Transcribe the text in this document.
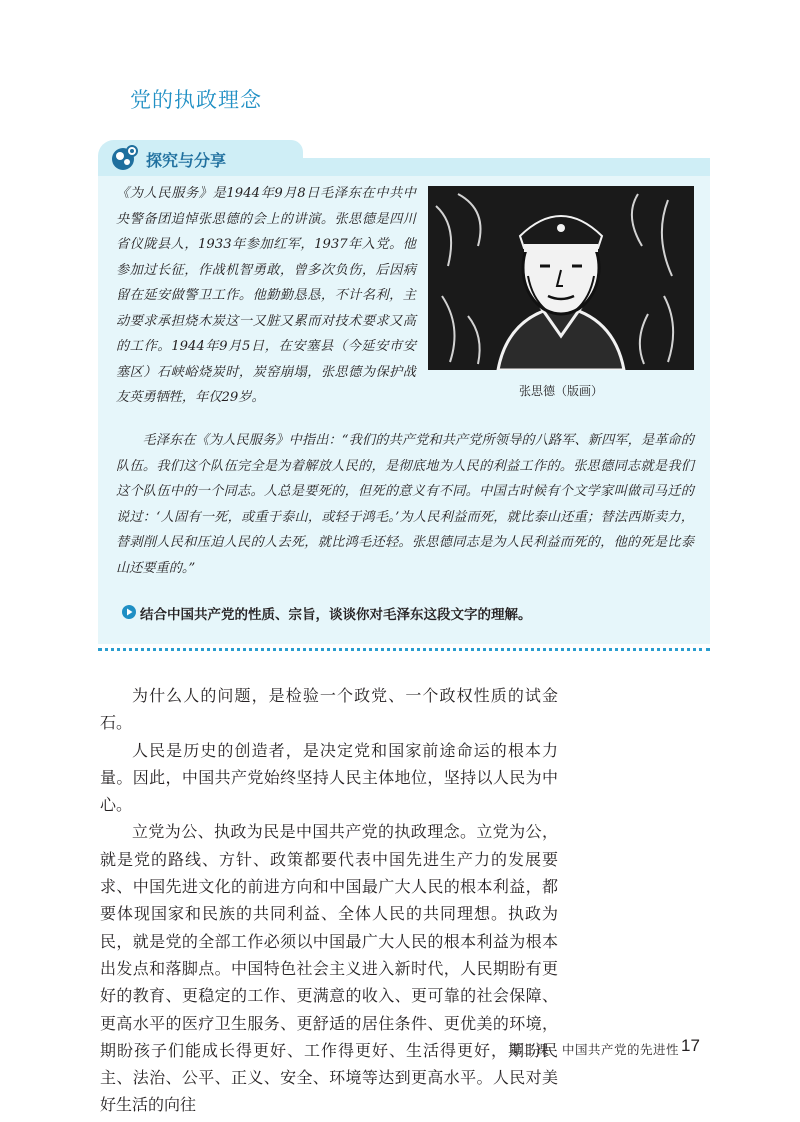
党的执政理念
探究与分享
《为人民服务》是1944年9月8日毛泽东在中共中央警备团追悼张思德的会上的讲演。张思德是四川省仪陇县人，1933年参加红军，1937年入党。他参加过长征，作战机智勇敢，曾多次负伤，后因病留在延安做警卫工作。他勤勤恳恳，不计名利，主动要求承担烧木炭这一又脏又累而对技术要求又高的工作。1944年9月5日，在安塞县（今延安市安塞区）石峡峪烧炭时，炭窑崩塌，张思德为保护战友英勇牺牲，年仅29岁。	张思德（版画）
毛泽东在《为人民服务》中指出：“我们的共产党和共产党所领导的八路军、新四军，是革命的队伍。我们这个队伍完全是为着解放人民的，是彻底地为人民的利益工作的。张思德同志就是我们这个队伍中的一个同志。人总是要死的，但死的意义有不同。中国古时候有个文学家叫做司马迁的说过：‘人固有一死，或重于泰山，或轻于鸿毛。’为人民利益而死，就比泰山还重；替法西斯卖力，替剥削人民和压迫人民的人去死，就比鸿毛还轻。张思德同志是为人民利益而死的，他的死是比泰山还要重的。”
结合中国共产党的性质、宗旨，谈谈你对毛泽东这段文字的理解。

为什么人的问题，是检验一个政党、一个政权性质的试金石。

人民是历史的创造者，是决定党和国家前途命运的根本力量。因此，中国共产党始终坚持人民主体地位，坚持以人民为中心。

立党为公、执政为民是中国共产党的执政理念。立党为公，就是党的路线、方针、政策都要代表中国先进生产力的发展要求、中国先进文化的前进方向和中国最广大人民的根本利益，都要体现国家和民族的共同利益、全体人民的共同理想。执政为民，就是党的全部工作必须以中国最广大人民的根本利益为根本出发点和落脚点。中国特色社会主义进入新时代，人民期盼有更好的教育、更稳定的工作、更满意的收入、更可靠的社会保障、更高水平的医疗卫生服务、更舒适的居住条件、更优美的环境，期盼孩子们能成长得更好、工作得更好、生活得更好，期盼民主、法治、公平、正义、安全、环境等达到更高水平。人民对美好生活的向往

第二课　中国共产党的先进性 17
